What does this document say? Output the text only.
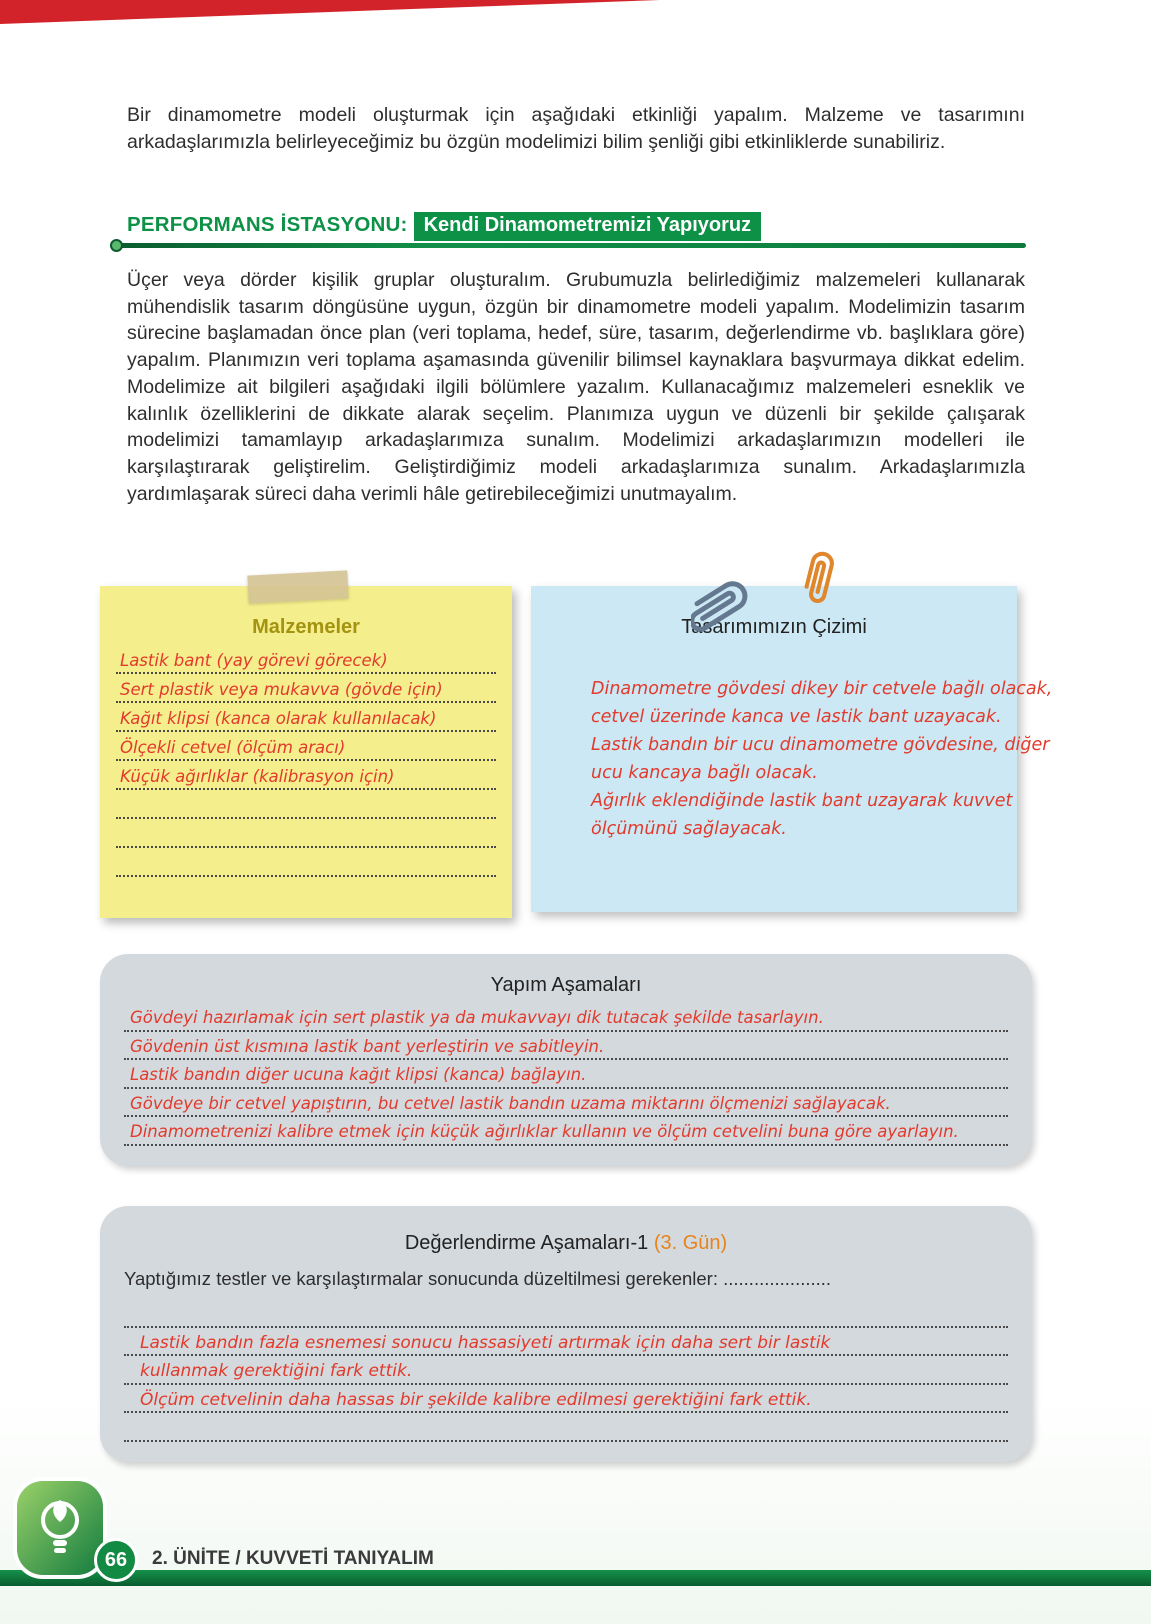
Bir dinamometre modeli oluşturmak için aşağıdaki etkinliği yapalım. Malzeme ve tasarımını arkadaşlarımızla belirleyeceğimiz bu özgün modelimizi bilim şenliği gibi etkinliklerde sunabiliriz.

PERFORMANS İSTASYONU: Kendi Dinamometremizi Yapıyoruz

Üçer veya dörder kişilik gruplar oluşturalım. Grubumuzla belirlediğimiz malzemeleri kullanarak mühendislik tasarım döngüsüne uygun, özgün bir dinamometre modeli yapalım. Modelimizin tasarım sürecine başlamadan önce plan (veri toplama, hedef, süre, tasarım, değerlendirme vb. başlıklara göre) yapalım. Planımızın veri toplama aşamasında güvenilir bilimsel kaynaklara başvurmaya dikkat edelim. Modelimize ait bilgileri aşağıdaki ilgili bölümlere yazalım. Kullanacağımız malzemeleri esneklik ve kalınlık özelliklerini de dikkate alarak seçelim. Planımıza uygun ve düzenli bir şekilde çalışarak modelimizi tamamlayıp arkadaşlarımıza sunalım. Modelimizi arkadaşlarımızın modelleri ile karşılaştırarak geliştirelim. Geliştirdiğimiz modeli arkadaşlarımıza sunalım. Arkadaşlarımızla yardımlaşarak süreci daha verimli hâle getirebileceğimizi unutmayalım.

Malzemeler
Lastik bant (yay görevi görecek)
Sert plastik veya mukavva (gövde için)
Kağıt klipsi (kanca olarak kullanılacak)
Ölçekli cetvel (ölçüm aracı)
Küçük ağırlıklar (kalibrasyon için)
Tasarımımızın Çizimi
Dinamometre gövdesi dikey bir cetvele bağlı olacak,
cetvel üzerinde kanca ve lastik bant uzayacak.
Lastik bandın bir ucu dinamometre gövdesine, diğer
ucu kancaya bağlı olacak.
Ağırlık eklendiğinde lastik bant uzayarak kuvvet
ölçümünü sağlayacak.
Yapım Aşamaları
Gövdeyi hazırlamak için sert plastik ya da mukavvayı dik tutacak şekilde tasarlayın.
Gövdenin üst kısmına lastik bant yerleştirin ve sabitleyin.
Lastik bandın diğer ucuna kağıt klipsi (kanca) bağlayın.
Gövdeye bir cetvel yapıştırın, bu cetvel lastik bandın uzama miktarını ölçmenizi sağlayacak.
Dinamometrenizi kalibre etmek için küçük ağırlıklar kullanın ve ölçüm cetvelini buna göre ayarlayın.
Değerlendirme Aşamaları-1 (3. Gün)
Yaptığımız testler ve karşılaştırmalar sonucunda düzeltilmesi gerekenler: .....................
Lastik bandın fazla esnemesi sonucu hassasiyeti artırmak için daha sert bir lastik
kullanmak gerektiğini fark ettik.
Ölçüm cetvelinin daha hassas bir şekilde kalibre edilmesi gerektiğini fark ettik.
66	2. ÜNİTE / KUVVETİ TANIYALIM
